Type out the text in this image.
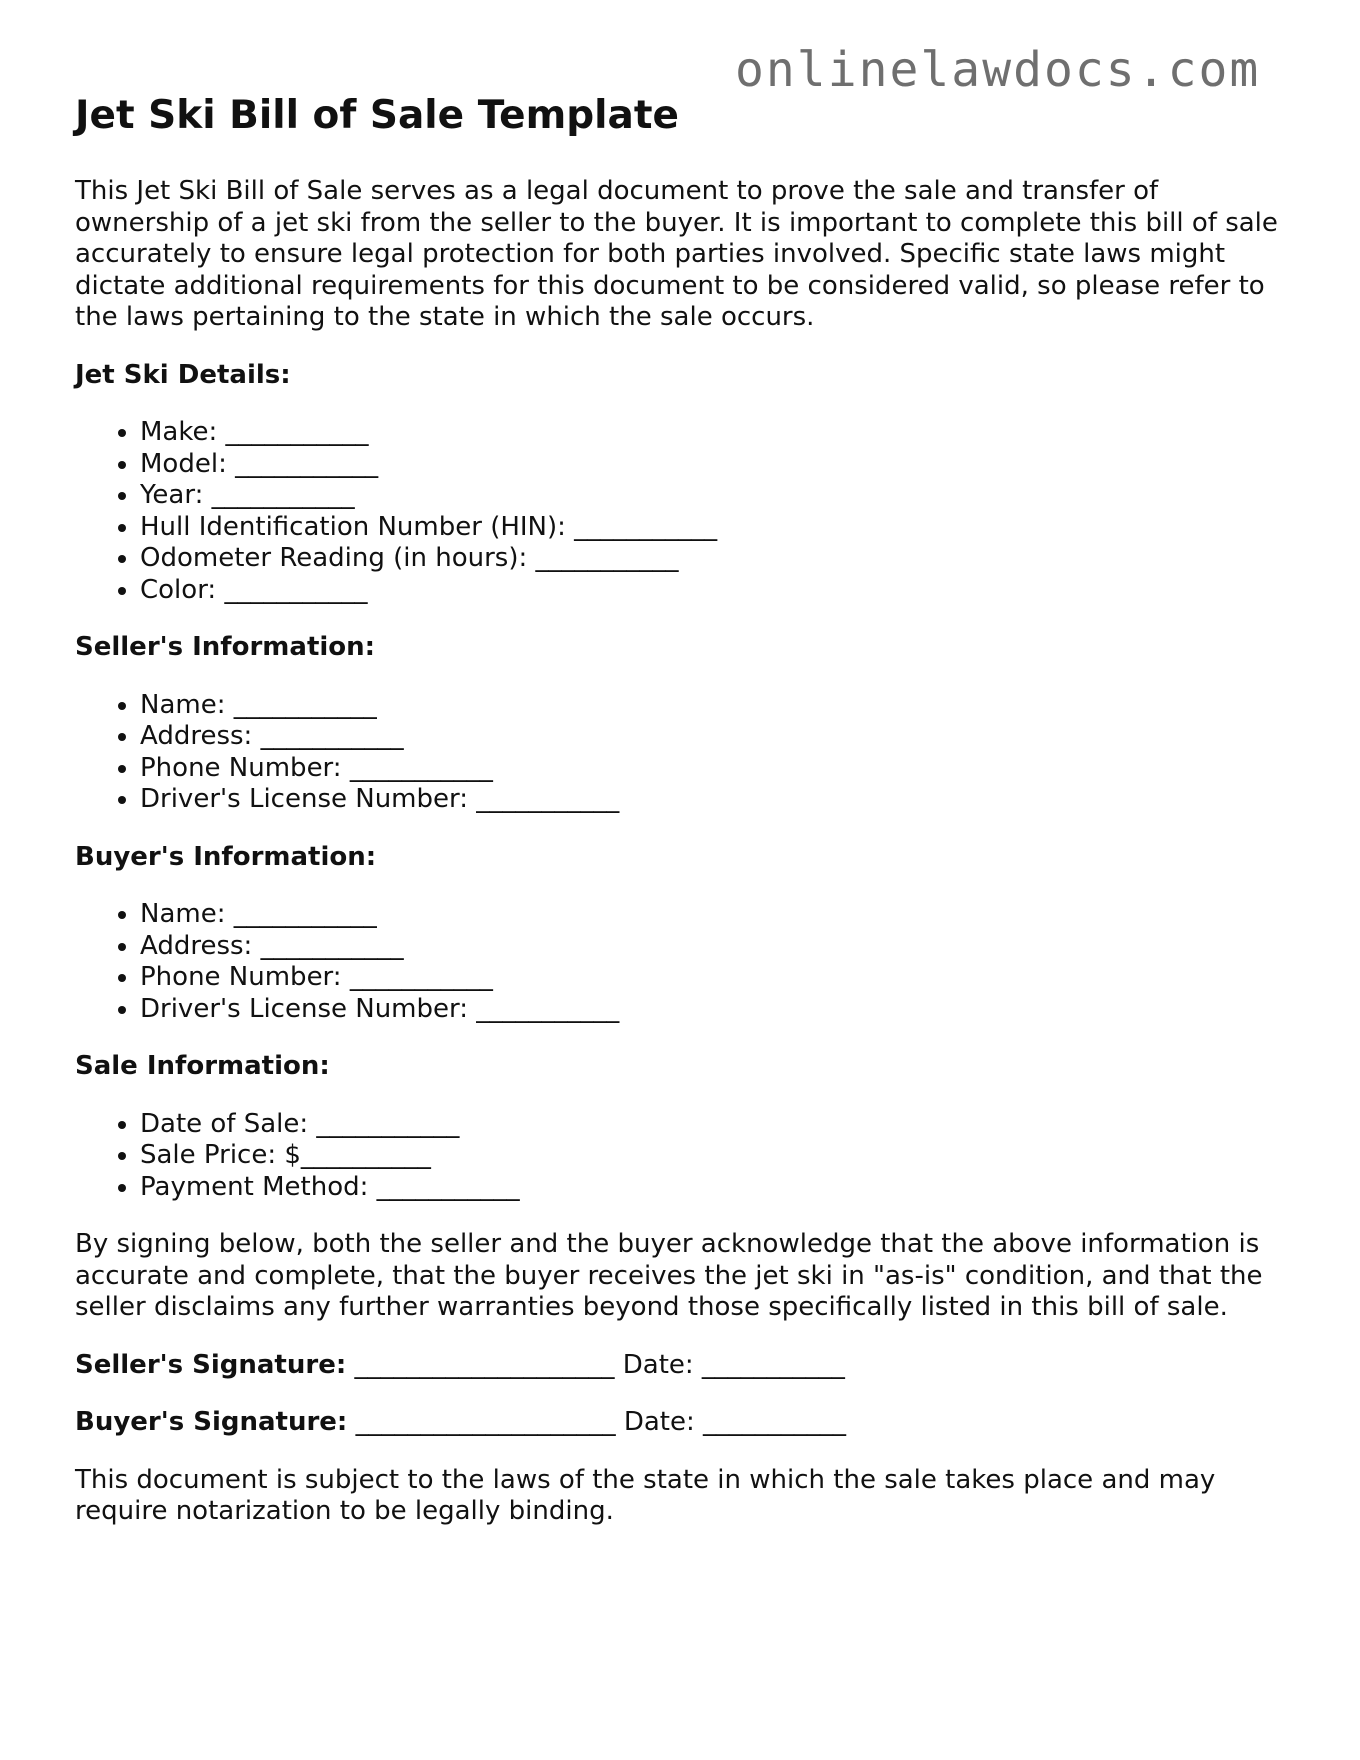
onlinelawdocs.com
Jet Ski Bill of Sale Template

This Jet Ski Bill of Sale serves as a legal document to prove the sale and transfer of ownership of a jet ski from the seller to the buyer. It is important to complete this bill of sale accurately to ensure legal protection for both parties involved. Specific state laws might dictate additional requirements for this document to be considered valid, so please refer to the laws pertaining to the state in which the sale occurs.

Jet Ski Details:
• Make: ___________
• Model: ___________
• Year: ___________
• Hull Identification Number (HIN): ___________
• Odometer Reading (in hours): ___________
• Color: ___________
Seller's Information:
• Name: ___________
• Address: ___________
• Phone Number: ___________
• Driver's License Number: ___________
Buyer's Information:
• Name: ___________
• Address: ___________
• Phone Number: ___________
• Driver's License Number: ___________
Sale Information:
• Date of Sale: ___________
• Sale Price: $__________
• Payment Method: ___________

By signing below, both the seller and the buyer acknowledge that the above information is accurate and complete, that the buyer receives the jet ski in "as-is" condition, and that the seller disclaims any further warranties beyond those specifically listed in this bill of sale.

Seller's Signature: ____________________ Date: ___________
Buyer's Signature: ____________________ Date: ___________

This document is subject to the laws of the state in which the sale takes place and may require notarization to be legally binding.
